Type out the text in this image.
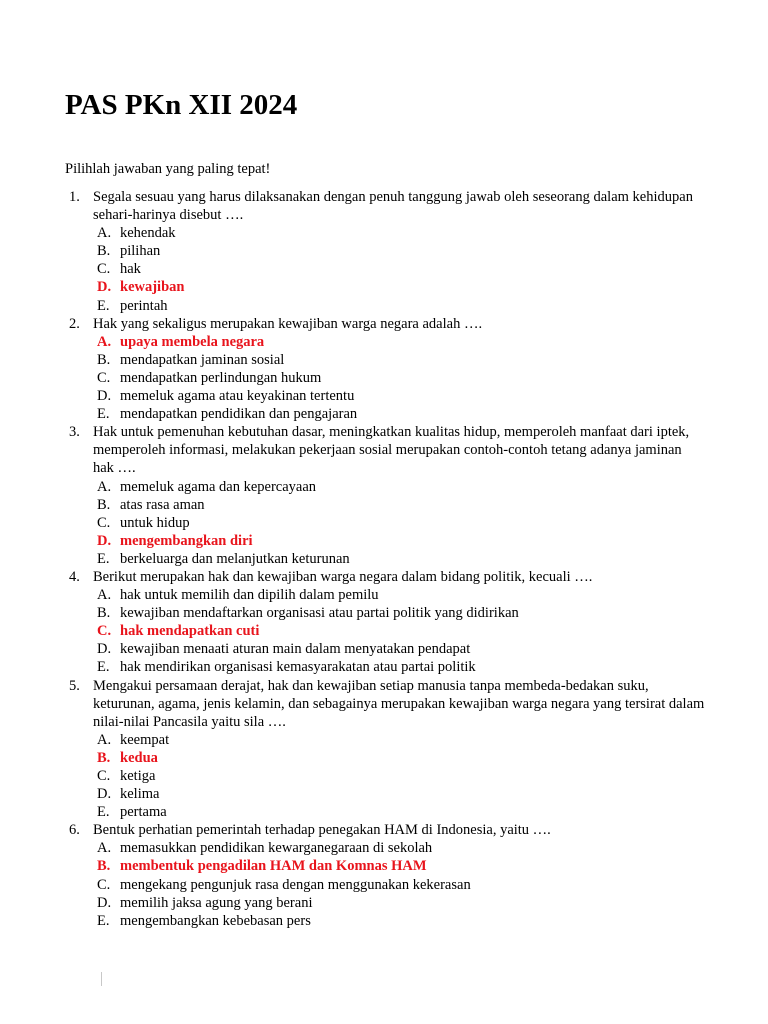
PAS PKn XII 2024
Pilihlah jawaban yang paling tepat!
1. Segala sesuau yang harus dilaksanakan dengan penuh tanggung jawab oleh seseorang dalam kehidupan sehari-harinya disebut ….
A. kehendak
B. pilihan
C. hak
D. kewajiban
E. perintah
2. Hak yang sekaligus merupakan kewajiban warga negara adalah ….
A. upaya membela negara
B. mendapatkan jaminan sosial
C. mendapatkan perlindungan hukum
D. memeluk agama atau keyakinan tertentu
E. mendapatkan pendidikan dan pengajaran
3. Hak untuk pemenuhan kebutuhan dasar, meningkatkan kualitas hidup, memperoleh manfaat dari iptek, memperoleh informasi, melakukan pekerjaan sosial merupakan contoh-contoh tetang adanya jaminan hak ….
A. memeluk agama dan kepercayaan
B. atas rasa aman
C. untuk hidup
D. mengembangkan diri
E. berkeluarga dan melanjutkan keturunan
4. Berikut merupakan hak dan kewajiban warga negara dalam bidang politik, kecuali ….
A. hak untuk memilih dan dipilih dalam pemilu
B. kewajiban mendaftarkan organisasi atau partai politik yang didirikan
C. hak mendapatkan cuti
D. kewajiban menaati aturan main dalam menyatakan pendapat
E. hak mendirikan organisasi kemasyarakatan atau partai politik
5. Mengakui persamaan derajat, hak dan kewajiban setiap manusia tanpa membeda-bedakan suku, keturunan, agama, jenis kelamin, dan sebagainya merupakan kewajiban warga negara yang tersirat dalam nilai-nilai Pancasila yaitu sila ….
A. keempat
B. kedua
C. ketiga
D. kelima
E. pertama
6. Bentuk perhatian pemerintah terhadap penegakan HAM di Indonesia, yaitu ….
A. memasukkan pendidikan kewarganegaraan di sekolah
B. membentuk pengadilan HAM dan Komnas HAM
C. mengekang pengunjuk rasa dengan menggunakan kekerasan
D. memilih jaksa agung yang berani
E. mengembangkan kebebasan pers
